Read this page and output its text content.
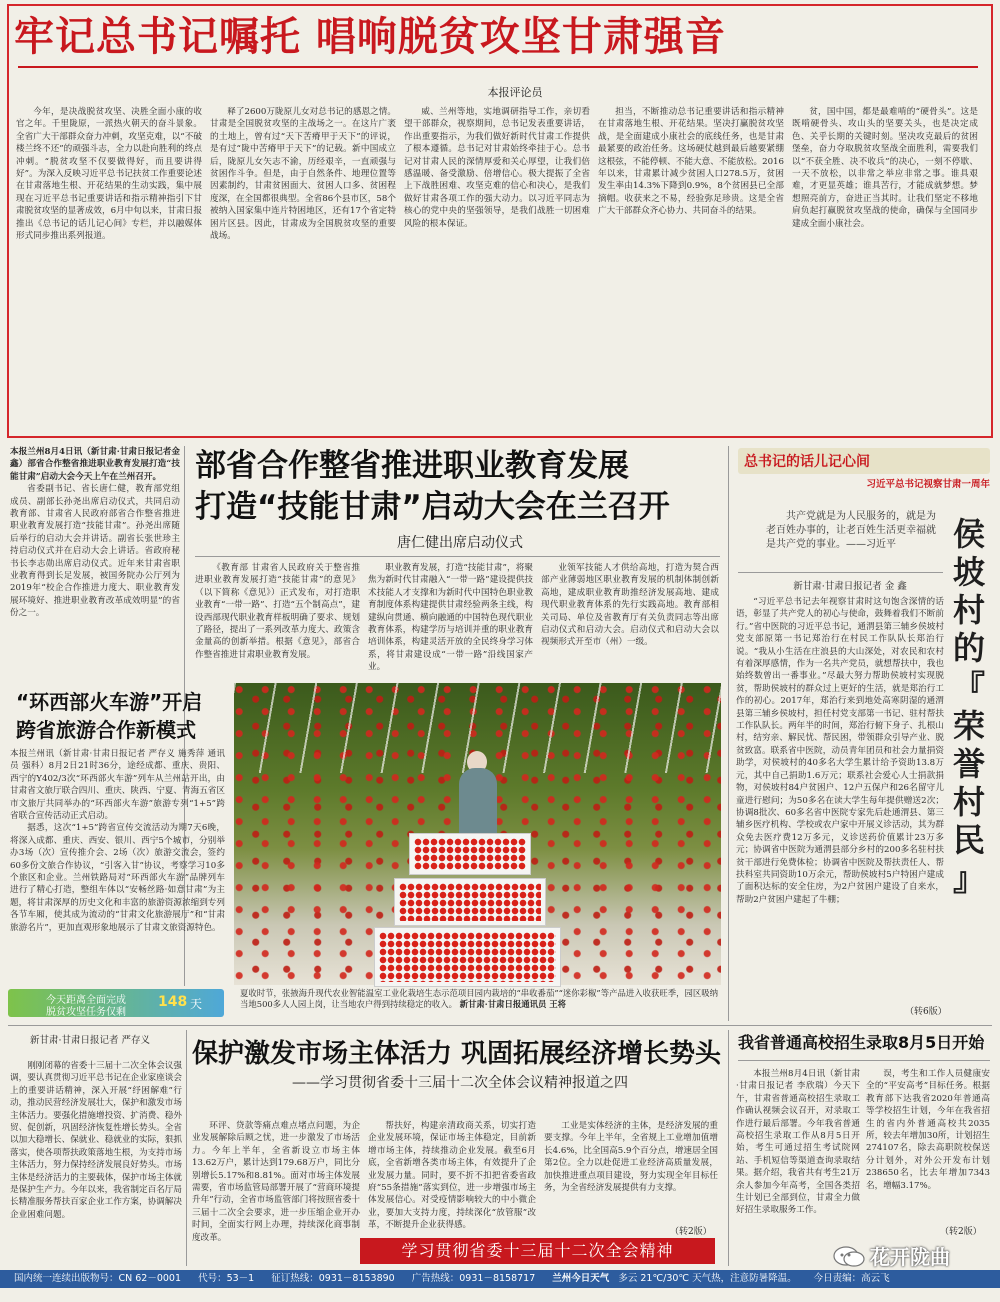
牢记总书记嘱托 唱响脱贫攻坚甘肃强音
本报评论员

今年，是决战脱贫攻坚、决胜全面小康的收官之年。千里陇原，一派热火朝天的奋斗景象。全省广大干部群众奋力冲刺，攻坚克难，以“不破楼兰终不还”的顽强斗志，全力以赴向胜利的终点冲刺。“脱贫攻坚不仅要做得好，而且要讲得好”。为深入反映习近平总书记扶贫工作重要论述在甘肃落地生根、开花结果的生动实践，集中展现在习近平总书记重要讲话和指示精神指引下甘肃脱贫攻坚的显著成效，6月中旬以来，甘肃日报推出《总书记的话儿记心间》专栏，并以融媒体形式同步推出系列报道。

释了2600万陇原儿女对总书记的感恩之情。甘肃是全国脱贫攻坚的主战场之一。在这片广袤的土地上，曾有过“天下苦瘠甲于天下”的评说，是有过“陇中苦瘠甲于天下”的记载。新中国成立后，陇原儿女矢志不渝，历经艰辛，一直顽强与贫困作斗争。但是，由于自然条件、地理位置等因素制约，甘肃贫困面大、贫困人口多、贫困程度深，在全国都很典型。全省86个县市区，58个被纳入国家集中连片特困地区，还有17个省定特困片区县。因此，甘肃成为全国脱贫攻坚的重要战场。

威、兰州等地，实地调研指导工作，亲切看望干部群众，视察期间，总书记发表重要讲话，作出重要指示，为我们做好新时代甘肃工作提供了根本遵循。总书记对甘肃始终牵挂于心。总书记对甘肃人民的深情厚爱和关心厚望，让我们倍感温暖、备受激励、倍增信心。极大提振了全省上下战胜困难、攻坚克难的信心和决心，是我们做好甘肃各项工作的强大动力。以习近平同志为核心的党中央的坚强领导，是我们战胜一切困难风险的根本保证。

担当，不断推动总书记重要讲话和指示精神在甘肃落地生根、开花结果。坚决打赢脱贫攻坚战，是全面建成小康社会的底线任务，也是甘肃最紧要的政治任务。这场硬仗越到最后越要紧绷这根弦，不能停顿、不能大意、不能放松。2016年以来，甘肃累计减少贫困人口278.5万，贫困发生率由14.3%下降到0.9%，8个贫困县已全部摘帽。收获来之不易，经验弥足珍贵。这是全省广大干部群众齐心协力、共同奋斗的结果。

贫，国中国，都是最难啃的“硬骨头”。这是既啃硬骨头、攻山头的坚要关头，也是决定成色、关乎长期的关键时刻。坚决攻克最后的贫困堡垒，奋力夺取脱贫攻坚战全面胜利，需要我们以“不获全胜、决不收兵”的决心，一刻不停歇、一天不放松，以非常之举应非常之事。谁具艰难，才更显英雄；谁具苦行，才能成就梦想。梦想照亮前方，奋进正当其时。让我们坚定不移地肩负起打赢脱贫攻坚战的使命，确保与全国同步建成全面小康社会。

本报兰州8月4日讯（新甘肃·甘肃日报记者金鑫）部省合作整省推进职业教育发展打造“技能甘肃”启动大会今天上午在兰州召开。

省委副书记、省长唐仁健，教育部党组成员、副部长孙尧出席启动仪式，共同启动教育部、甘肃省人民政府部省合作整省推进职业教育发展打造“技能甘肃”。孙尧出席随后举行的启动大会并讲话。副省长张世珍主持启动仪式并在启动大会上讲话。省政府秘书长李志勋出席启动仪式。近年来甘肃省职业教育得到长足发展，被国务院办公厅列为2019年“校企合作推进力度大、职业教育发展环境好、推进职业教育改革成效明显”的省份之一。

部省合作整省推进职业教育发展
打造“技能甘肃”启动大会在兰召开
唐仁健出席启动仪式

《教育部 甘肃省人民政府关于整省推进职业教育发展打造“技能甘肃”的意见》（以下简称《意见》）正式发布，对打造职业教育“一带一路”、打造“五个制高点”，建设西部现代职业教育样板明确了要求、规划了路径，提出了一系列改革力度大、政策含金量高的创新举措。根据《意见》，部省合作整省推进甘肃职业教育发展。

职业教育发展，打造“技能甘肃”，将聚焦为新时代甘肃融入“一带一路”建设提供技术技能人才支撑和为新时代中国特色职业教育制度体系构建提供甘肃经验两条主线，构建纵向贯通、横向融通的中国特色现代职业教育体系，构建学历与培训并重的职业教育培训体系，构建灵活开放的全民终身学习体系，将甘肃建设成“一带一路”沿线国家产业。

业领军技能人才供给高地，打造为契合西部产业薄弱地区职业教育发展的机制体制创新高地，建成职业教育助推经济发展高地、建成现代职业教育体系的先行实践高地。教育部相关司局、单位及省教育厅有关负责同志等出席启动仪式和启动大会。启动仪式和启动大会以视频形式开至市（州）一级。

夏收时节，张掖海升现代农业智能温室工业化栽培生态示范项目园内栽培的“串收番茄”“迷你彩椒”等产品进入收获旺季，园区吸纳当地500多人人园上岗，让当地农户得到持续稳定的收入。 新甘肃·甘肃日报通讯员 王将
“环西部火车游”开启
跨省旅游合作新模式

本报兰州讯（新甘肃·甘肃日报记者 严存义 施秀萍 通讯员 强科）8月2日21时36分，途经成都、重庆、贵阳、西宁的Y402/3次“环西部火车游”列车从兰州站开出，由甘肃省文旅厅联合四川、重庆、陕西、宁夏、青海五省区市文旅厅共同举办的“环西部火车游”旅游专列“1+5”跨省联合宣传活动正式启动。

据悉，这次“1+5”跨省宣传交流活动为期7天6晚，将深入成都、重庆、西安、银川、西宁5个城市，分别举办3场（次）宣传推介会、2场（次）旅游交流会，签约60多份文旅合作协议，“引客入甘”协议，考察学习10多个旅区和企业。兰州铁路局对“环西部火车游”品牌列车进行了精心打造，整组车体以“安畅丝路·如意甘肃”为主题，将甘肃深厚的历史文化和丰富的旅游资源浓缩到专列各节车厢，使其成为流动的“甘肃文化旅游展厅”和“甘肃旅游名片”，更加直观形象地展示了甘肃文旅资源特色。

今天距离全面完成
脱贫攻坚任务仅剩
148 天
总书记的话儿记心间
习近平总书记视察甘肃一周年
共产党就是为人民服务的，就是为老百姓办事的，让老百姓生活更幸福就是共产党的事业。——习近平
新甘肃·甘肃日报记者 金 鑫

“习近平总书记去年视察甘肃时这句饱含深情的话语，彰显了共产党人的初心与使命，鼓舞着我们不断前行。”省中医院的习近平总书记，通渭县第三辅乡侯坡村党支部原第一书记郑治行在村民工作队队长郑治行说。“我从小生活在庄浪县的大山深处，对农民和农村有着深厚感情，作为一名共产党员，就想帮扶中，我也始终数曾出一番事业。”尽最大努力帮助侯坡村实现脱贫，帮助侯坡村的群众过上更好的生活，就是郑治行工作的初心。2017年，郑治行来到地处高寒阴湿的通渭县第三辅乡侯坡村，担任村党支部第一书记、驻村帮扶工作队队长。两年半的时间，郑治行俯下身子、扎根山村，结穷亲、解民忧、帮民困，带领群众引导产业、脱贫致富。联系省中医院，动员青年团员和社会力量捐资助学，对侯坡村的40多名大学生累计给予资助13.8万元，其中自己捐助1.6万元；联系社会爱心人士捐款捐物，对侯坡村84户贫困户、12户五保户和26名留守儿童进行慰问；为50多名在读大学生每年提供赠送2次；协调8批次、60多名省中医院专家先后赴通渭县、第三辅乡医疗机构、学校或农户家中开展义诊活动，其为群众免去医疗费12万多元，义诊送药价值累计23万多元；协调省中医院为通渭县部分乡村的200多名驻村扶贫干部进行免费体检；协调省中医院及帮扶责任人、帮扶科室共同资助10万余元，帮助侯坡村5户特困户建成了面积达标的安全住房，为2户贫困户建设了自来水，帮助2户贫困户建起了牛棚；

（转6版）
侯
坡
村
的
『
荣
誉
村
民
』
新甘肃·甘肃日报记者 严存义

刚刚闭幕的省委十三届十二次全体会议强调，要认真贯彻习近平总书记在企业家座谈会上的重要讲话精神，深入开展“纾困解难”行动，推动民营经济发展壮大，保护和激发市场主体活力。要强化措施增投资、扩消费、稳外贸、促创新，巩固经济恢复性增长势头。全省以加大稳增长、保就业、稳就业的实际，狠抓落实，使各项帮扶政策落地生根，为支持市场主体活力，努力保持经济发展良好势头。市场主体是经济活力的主要载体，保护市场主体就是保护生产力。今年以来，我省制定百名厅局长精准服务帮扶百家企业工作方案，协调解决企业困难问题。

保护激发市场主体活力 巩固拓展经济增长势头
——学习贯彻省委十三届十二次全体会议精神报道之四

环评、贷款等痛点难点堵点问题，为企业发展解除后顾之忧，进一步激发了市场活力。今年上半年，全省新设立市场主体13.62万户，累计达到179.68万户，同比分别增长5.17%和8.81%。面对市场主体发展需要，省市场监管局部署开展了“营商环境提升年”行动，全省市场监管部门将按照省委十三届十二次全会要求，进一步压缩企业开办时间，全面实行网上办理，持续深化商事制度改革。

帮扶好，构建亲清政商关系，切实打造企业发展环境，保证市场主体稳定，目前新增市场主体，持续推动企业发展。截至6月底，全省新增各类市场主体，有效提升了企业发展力量。同时，要不折不扣把省委省政府“55条措施”落实到位，进一步增强市场主体发展信心。对受疫情影响较大的中小微企业，要加大支持力度，持续深化“放管服”改革，不断提升企业获得感。

工业是实体经济的主体，是经济发展的重要支撑。今年上半年，全省规上工业增加值增长4.6%，比全国高5.9个百分点，增速居全国第2位。全力以赴促进工业经济高质量发展，加快推进重点项目建设，努力实现全年目标任务，为全省经济发展提供有力支撑。

（转2版）
学习贯彻省委十三届十二次全会精神
我省普通高校招生录取8月5日开始

本报兰州8月4日讯（新甘肃·甘肃日报记者 李欣瑞）今天下午，甘肃省普通高校招生录取工作确认视频会议召开，对录取工作进行最后部署。今年我省普通高校招生录取工作从8月5日开始，考生可通过招生考试院网站、手机短信等渠道查询录取结果。据介绍，我省共有考生21万余人参加今年高考，全国各类招生计划已全部到位，甘肃全力做好招生录取服务工作。

误，考生和工作人员健康安全的“平安高考”目标任务。根据教育部下达我省2020年普通高等学校招生计划，今年在我省招生的省内外普通高校共2035所，较去年增加30所，计划招生274107名，除去高职院校保送分计划外，对外公开发布计划238650名，比去年增加7343名，增幅3.17%。

（转2版）
花开陇曲
国内统一连续出版物号：CN 62－0001 代号：53－1 征订热线：0931－8153890 广告热线：0931－8158717 兰州今日天气 多云 21℃/30℃ 天气热，注意防暑降温。 今日责编：高云飞
